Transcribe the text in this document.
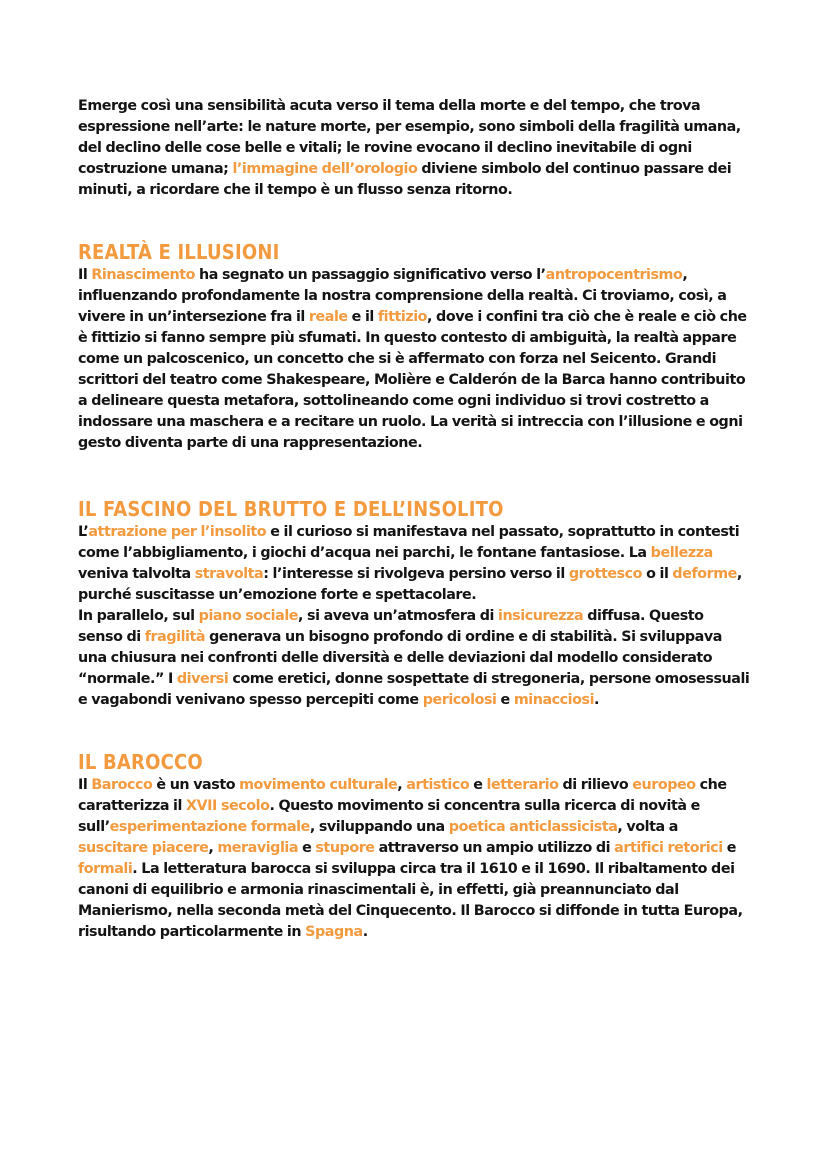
Emerge così una sensibilità acuta verso il tema della morte e del tempo, che trova espressione nell’arte: le nature morte, per esempio, sono simboli della fragilità umana, del declino delle cose belle e vitali; le rovine evocano il declino inevitabile di ogni costruzione umana; l’immagine dell’orologio diviene simbolo del continuo passare dei minuti, a ricordare che il tempo è un flusso senza ritorno.

REALTÀ E ILLUSIONI

Il Rinascimento ha segnato un passaggio significativo verso l’antropocentrismo, influenzando profondamente la nostra comprensione della realtà. Ci troviamo, così, a vivere in un’intersezione fra il reale e il fittizio, dove i confini tra ciò che è reale e ciò che è fittizio si fanno sempre più sfumati. In questo contesto di ambiguità, la realtà appare come un palcoscenico, un concetto che si è affermato con forza nel Seicento. Grandi scrittori del teatro come Shakespeare, Molière e Calderón de la Barca hanno contribuito a delineare questa metafora, sottolineando come ogni individuo si trovi costretto a indossare una maschera e a recitare un ruolo. La verità si intreccia con l’illusione e ogni gesto diventa parte di una rappresentazione.

IL FASCINO DEL BRUTTO E DELL’INSOLITO

L’attrazione per l’insolito e il curioso si manifestava nel passato, soprattutto in contesti come l’abbigliamento, i giochi d’acqua nei parchi, le fontane fantasiose. La bellezza veniva talvolta stravolta: l’interesse si rivolgeva persino verso il grottesco o il deforme, purché suscitasse un’emozione forte e spettacolare.

In parallelo, sul piano sociale, si aveva un’atmosfera di insicurezza diffusa. Questo senso di fragilità generava un bisogno profondo di ordine e di stabilità. Si sviluppava una chiusura nei confronti delle diversità e delle deviazioni dal modello considerato “normale.” I diversi come eretici, donne sospettate di stregoneria, persone omosessuali e vagabondi venivano spesso percepiti come pericolosi e minacciosi.

IL BAROCCO

Il Barocco è un vasto movimento culturale, artistico e letterario di rilievo europeo che caratterizza il XVII secolo. Questo movimento si concentra sulla ricerca di novità e sull’esperimentazione formale, sviluppando una poetica anticlassicista, volta a suscitare piacere, meraviglia e stupore attraverso un ampio utilizzo di artifici retorici e formali. La letteratura barocca si sviluppa circa tra il 1610 e il 1690. Il ribaltamento dei canoni di equilibrio e armonia rinascimentali è, in effetti, già preannunciato dal Manierismo, nella seconda metà del Cinquecento. Il Barocco si diffonde in tutta Europa, risultando particolarmente in Spagna.
